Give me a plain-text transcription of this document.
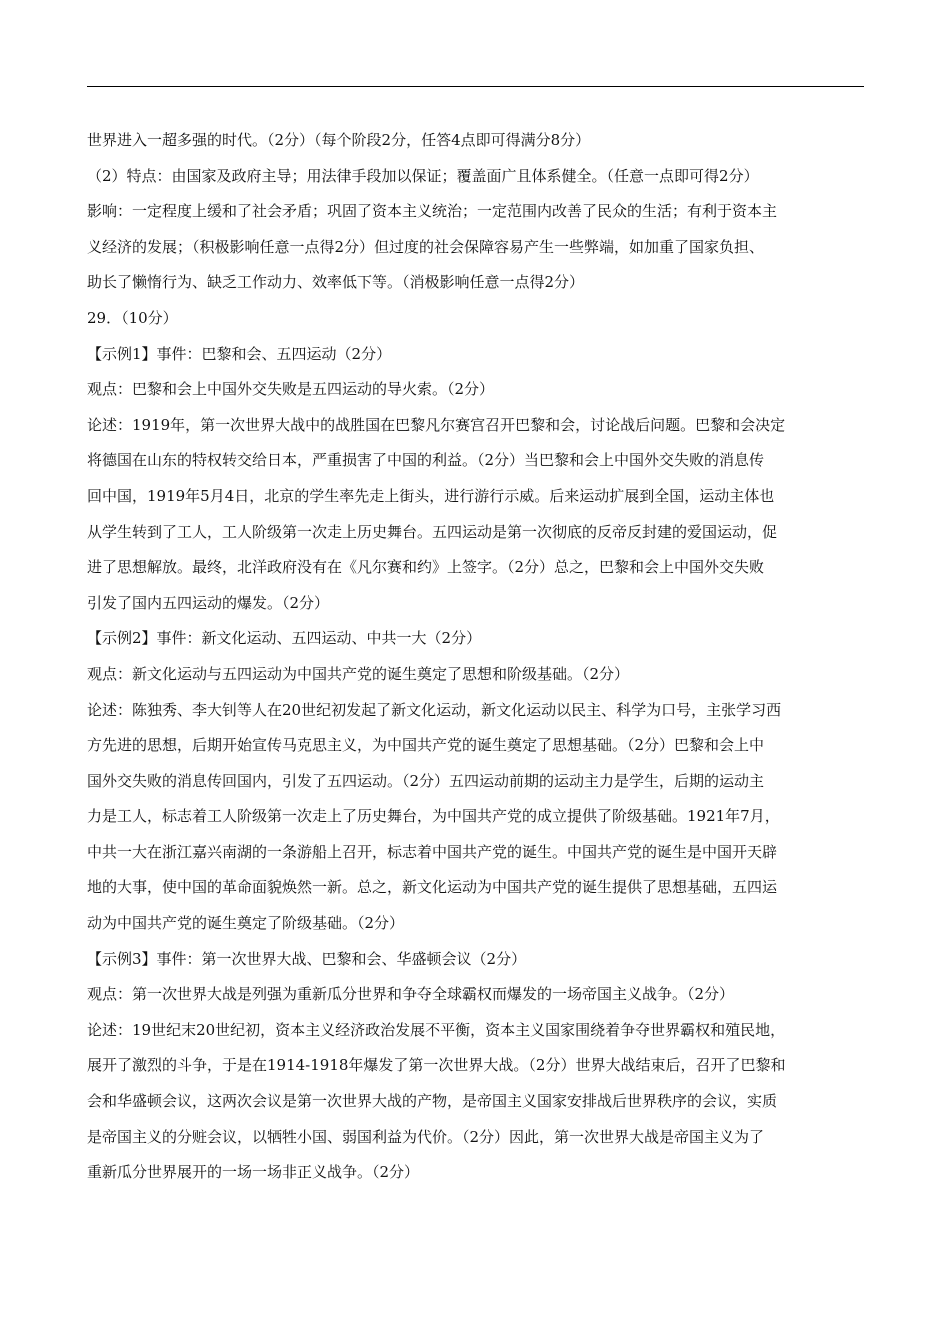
世界进入一超多强的时代。（2分）（每个阶段2分，任答4点即可得满分8分）
（2）特点：由国家及政府主导；用法律手段加以保证；覆盖面广且体系健全。（任意一点即可得2分）
影响：一定程度上缓和了社会矛盾；巩固了资本主义统治；一定范围内改善了民众的生活；有利于资本主
义经济的发展；（积极影响任意一点得2分）但过度的社会保障容易产生一些弊端，如加重了国家负担、
助长了懒惰行为、缺乏工作动力、效率低下等。（消极影响任意一点得2分）
29．（10分）
【示例1】事件：巴黎和会、五四运动（2分）
观点：巴黎和会上中国外交失败是五四运动的导火索。（2分）
论述：1919年，第一次世界大战中的战胜国在巴黎凡尔赛宫召开巴黎和会，讨论战后问题。巴黎和会决定
将德国在山东的特权转交给日本，严重损害了中国的利益。（2分）当巴黎和会上中国外交失败的消息传
回中国，1919年5月4日，北京的学生率先走上街头，进行游行示威。后来运动扩展到全国，运动主体也
从学生转到了工人，工人阶级第一次走上历史舞台。五四运动是第一次彻底的反帝反封建的爱国运动，促
进了思想解放。最终，北洋政府没有在《凡尔赛和约》上签字。（2分）总之，巴黎和会上中国外交失败
引发了国内五四运动的爆发。（2分）
【示例2】事件：新文化运动、五四运动、中共一大（2分）
观点：新文化运动与五四运动为中国共产党的诞生奠定了思想和阶级基础。（2分）
论述：陈独秀、李大钊等人在20世纪初发起了新文化运动，新文化运动以民主、科学为口号，主张学习西
方先进的思想，后期开始宣传马克思主义，为中国共产党的诞生奠定了思想基础。（2分）巴黎和会上中
国外交失败的消息传回国内，引发了五四运动。（2分）五四运动前期的运动主力是学生，后期的运动主
力是工人，标志着工人阶级第一次走上了历史舞台，为中国共产党的成立提供了阶级基础。1921年7月，
中共一大在浙江嘉兴南湖的一条游船上召开，标志着中国共产党的诞生。中国共产党的诞生是中国开天辟
地的大事，使中国的革命面貌焕然一新。总之，新文化运动为中国共产党的诞生提供了思想基础，五四运
动为中国共产党的诞生奠定了阶级基础。（2分）
【示例3】事件：第一次世界大战、巴黎和会、华盛顿会议（2分）
观点：第一次世界大战是列强为重新瓜分世界和争夺全球霸权而爆发的一场帝国主义战争。（2分）
论述：19世纪末20世纪初，资本主义经济政治发展不平衡，资本主义国家围绕着争夺世界霸权和殖民地，
展开了激烈的斗争，于是在1914-1918年爆发了第一次世界大战。（2分）世界大战结束后，召开了巴黎和
会和华盛顿会议，这两次会议是第一次世界大战的产物，是帝国主义国家安排战后世界秩序的会议，实质
是帝国主义的分赃会议，以牺牲小国、弱国利益为代价。（2分）因此，第一次世界大战是帝国主义为了
重新瓜分世界展开的一场一场非正义战争。（2分）
